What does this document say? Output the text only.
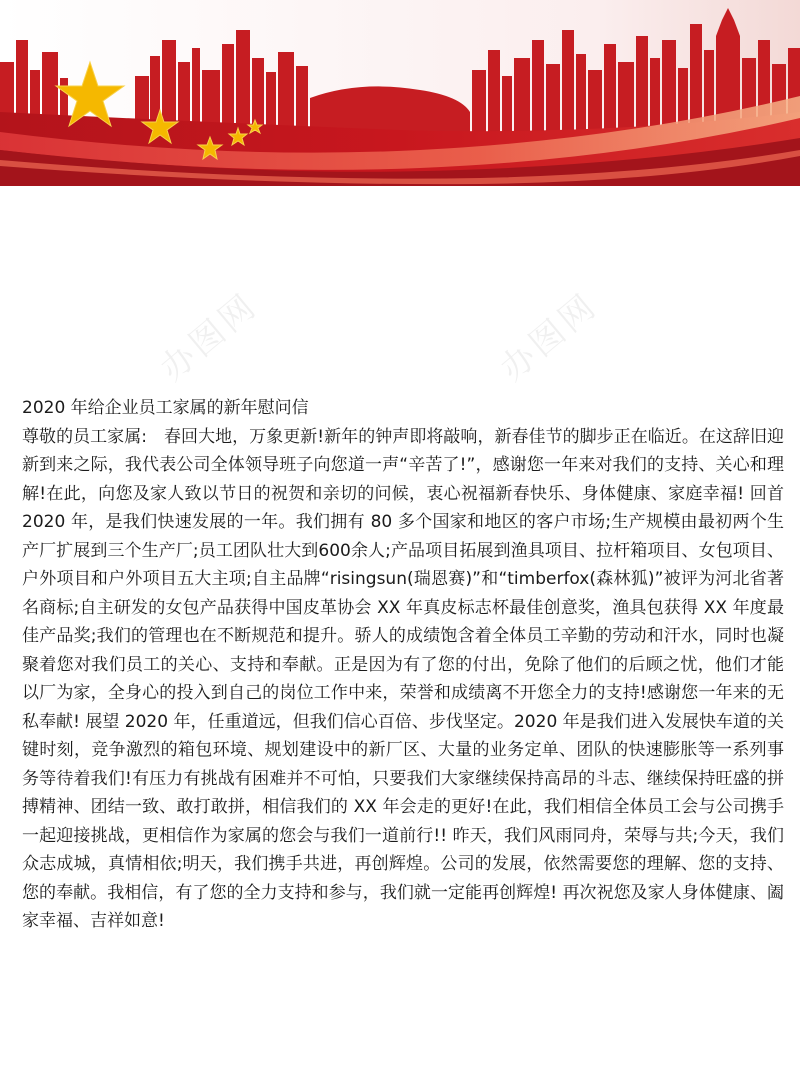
办图网	办图网
2020 年给企业员工家属的新年慰问信

尊敬的员工家属:　春回大地，万象更新!新年的钟声即将敲响，新春佳节的脚步正在临近。在这辞旧迎新到来之际，我代表公司全体领导班子向您道一声“辛苦了!”，感谢您一年来对我们的支持、关心和理解!在此，向您及家人致以节日的祝贺和亲切的问候，衷心祝福新春快乐、身体健康、家庭幸福! 回首 2020 年，是我们快速发展的一年。我们拥有 80 多个国家和地区的客户市场;生产规模由最初两个生产厂扩展到三个生产厂;员工团队壮大到600余人;产品项目拓展到渔具项目、拉杆箱项目、女包项目、户外项目和户外项目五大主项;自主品牌“risingsun(瑞恩赛)”和“timberfox(森林狐)”被评为河北省著名商标;自主研发的女包产品获得中国皮革协会 XX 年真皮标志杯最佳创意奖，渔具包获得 XX 年度最佳产品奖;我们的管理也在不断规范和提升。骄人的成绩饱含着全体员工辛勤的劳动和汗水，同时也凝聚着您对我们员工的关心、支持和奉献。正是因为有了您的付出，免除了他们的后顾之忧，他们才能以厂为家，全身心的投入到自己的岗位工作中来，荣誉和成绩离不开您全力的支持!感谢您一年来的无私奉献! 展望 2020 年，任重道远，但我们信心百倍、步伐坚定。2020 年是我们进入发展快车道的关键时刻，竞争激烈的箱包环境、规划建设中的新厂区、大量的业务定单、团队的快速膨胀等一系列事务等待着我们!有压力有挑战有困难并不可怕，只要我们大家继续保持高昂的斗志、继续保持旺盛的拼搏精神、团结一致、敢打敢拼，相信我们的 XX 年会走的更好!在此，我们相信全体员工会与公司携手一起迎接挑战，更相信作为家属的您会与我们一道前行!! 昨天，我们风雨同舟，荣辱与共;今天，我们众志成城，真情相依;明天，我们携手共进，再创辉煌。公司的发展，依然需要您的理解、您的支持、您的奉献。我相信，有了您的全力支持和参与，我们就一定能再创辉煌! 再次祝您及家人身体健康、阖家幸福、吉祥如意!
